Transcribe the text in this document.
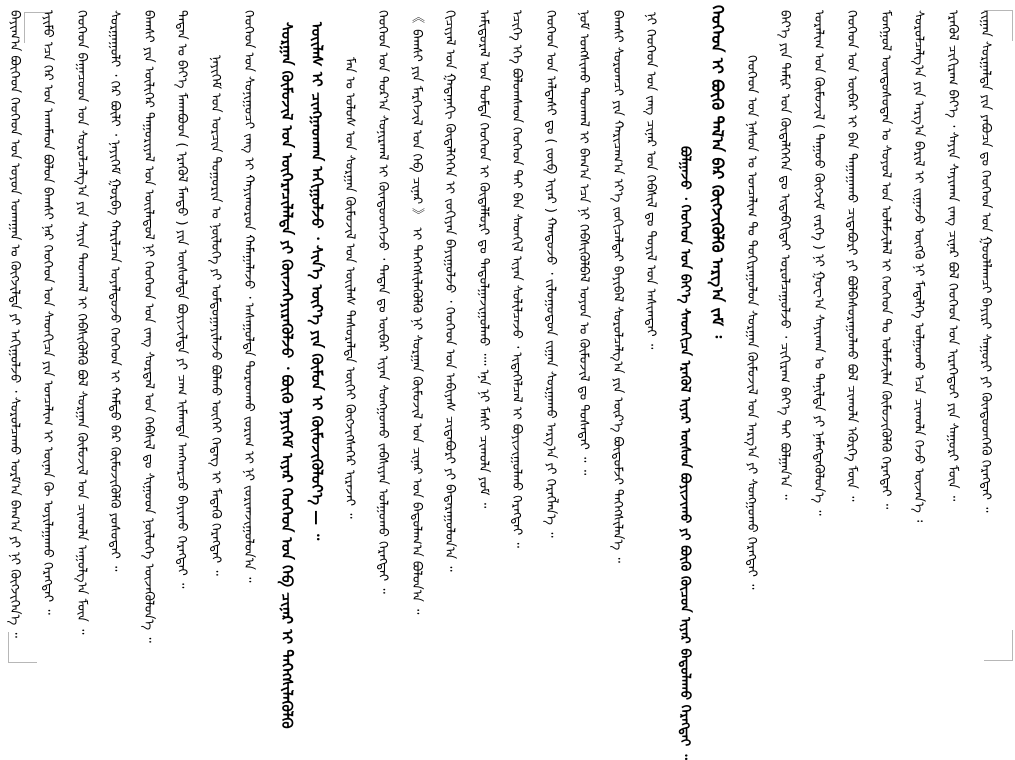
ᠪᠠᠶᠢᠭ᠎ᠠ ᠪᠥᠭᠡᠳ ᠬᠡᠦᠬᠡᠳ ᠤᠨ ᠣᠶᠤᠨ ᠤᠬᠠᠭᠠᠨ ᠤ ᠬᠥᠭᠵᠢᠯᠲᠡ ᠶᠢ ᠠᠬᠢᠭᠤᠯᠵᠤ ᠂ ᠰᠤᠷᠤᠯᠴᠠᠬᠤ ᠤᠷᠮ᠎ᠠ ᠪᠠᠬ᠎ᠠ ᠶᠢ ᠨᠢ ᠬᠥᠭᠵᠢᠭᠡᠨ᠎ᠡ ᠃	ᠡᠶᠢᠮᠦ ᠡᠴᠡ ᠭᠡᠷ ᠤᠨ ᠠᠬᠠᠮᠠᠳ ᠪᠣᠯᠤᠨ ᠪᠠᠭᠰᠢ ᠨᠠᠷ ᠬᠡᠦᠬᠡᠳ ᠤᠨ ᠰᠡᠳᠬᠢᠴᠡ ᠶᠢᠨ ᠣᠨᠴᠠᠯᠢᠭ ᠢ ᠦᠨᠡᠨ ᠬᠦ ᠣᠶᠢᠯᠠᠭᠠᠬᠤ ᠬᠡᠷᠡᠭᠲᠡᠢ ᠃	ᠬᠡᠦᠬᠡᠳ ᠪᠠᠭᠠᠴᠤᠳ ᠤᠨ ᠰᠤᠷᠤᠯᠴᠠᠯᠭ᠎ᠠ ᠶᠢᠨ ᠰᠠᠶᠢᠨ ᠳᠠᠳᠬᠠᠯ ᠢ ᠬᠡᠪᠰᠢᠭᠦᠯᠬᠦ ᠪᠣᠯ ᠰᠤᠷᠭᠠᠨ ᠬᠦᠮᠦᠵᠢᠯ ᠤᠨ ᠴᠢᠬᠤᠯᠠ ᠠᠭᠤᠯᠭ᠎ᠠ ᠮᠥᠨ ᠃	ᠰᠤᠷᠭᠠᠭᠤᠯᠢ ᠂ ᠭᠡᠷ ᠪᠦᠯᠢ ᠂ ᠨᠡᠶᠢᠭᠡᠮ ᠭᠤᠷᠪᠠ ᠬᠠᠷᠢᠯᠴᠠᠨ ᠤᠶᠠᠯᠳᠤᠵᠤ ᠬᠡᠦᠬᠡᠳ ᠢ ᠬᠠᠮᠲᠤ ᠪᠠᠷ ᠬᠦᠮᠦᠵᠢᠭᠦᠯᠬᠦ ᠶᠣᠰᠣᠲᠠᠢ ᠃	ᠪᠠᠭᠰᠢ ᠶᠢᠨ ᠦᠯᠢᠭᠡᠷ ᠳᠠᠭᠤᠷᠢᠶᠠᠯ ᠤᠨ ᠦᠢᠯᠡᠳᠦᠯ ᠨᠢ ᠬᠡᠦᠬᠡᠳ ᠤᠨ ᠵᠠᠩ ᠰᠤᠷᠲᠠᠯ ᠤᠨ ᠬᠡᠪᠰᠢᠯ ᠳᠤ ᠰᠢᠭᠤᠳ ᠨᠥᠯᠥᠭᠡ ᠦᠵᠡᠭᠦᠯᠦᠨ᠎ᠡ ᠃	ᠲᠡᠳᠡᠨ ᠤ ᠪᠡᠶ᠎ᠡ ᠮᠠᠬᠠᠪᠣᠳ ( ᠡᠷᠡᠭᠦᠯ ᠮᠡᠨᠳᠦ ) ᠶᠢᠨ ᠦᠰᠦᠯᠲᠡ ᠪᠣᠶᠢᠵᠢᠯᠲᠠ ᠶᠢ ᠴᠠᠭ ᠢᠮᠠᠭᠲᠠ ᠠᠩᠬᠠᠷᠴᠤ ᠪᠠᠶᠢᠬᠤ ᠬᠡᠷᠡᠭᠲᠡᠢ ᠃	ᠨᠡᠶᠢᠭᠡᠮ ᠤᠨ ᠣᠷᠴᠢᠨ ᠲᠣᠭᠣᠷᠢᠨ ᠤ ᠨᠥᠯᠥᠭᠡ ᠶᠢ ᠤᠮᠳᠤᠭᠠᠶᠢᠯᠠᠵᠤ ᠪᠣᠯᠬᠤ ᠦᠭᠡᠢ ᠭᠡᠳᠡᠭ ᠢ ᠮᠡᠳᠡᠬᠦ ᠬᠡᠷᠡᠭᠲᠡᠢ ᠃	ᠬᠡᠦᠬᠡᠳ ᠤᠨ ᠰᠣᠨᠢᠭᠤᠴᠢ ᠵᠠᠩ ᠢ ᠬᠠᠶᠢᠬᠤᠷᠤᠨ ᠬᠠᠮᠠᠭᠠᠯᠠᠵᠤ ᠂ ᠠᠰᠠᠭᠤᠯᠲᠠ ᠳᠤᠷᠠᠳᠬᠤ ᠵᠣᠷᠢᠭ ᠢ ᠨᠢ ᠵᠣᠷᠢᠭᠵᠢᠭᠤᠯᠤᠨ᠎ᠠ ᠃	ᠰᠤᠷᠭᠠᠨ ᠬᠦᠮᠦᠵᠢᠯ ᠤᠨ ᠥᠭᠡᠷᠡᠴᠢᠯᠡᠯᠲᠡ ᠶᠢ ᠭᠦᠨᠵᠡᠭᠡᠶᠢᠷᠡᠭᠦᠯᠵᠦ ᠂ ᠪᠦᠬᠦ ᠨᠡᠶᠢᠭᠡᠮ ᠢᠶᠡᠷ ᠬᠡᠦᠬᠡᠳ ᠤᠨ ᠬᠡᠪ ᠴᠢᠨᠠᠷ ᠢ ᠳᠡᠭᠡᠭᠰᠢᠯᠡᠭᠦᠯᠬᠦ ᠦᠢᠯᠡᠰ ᠢ ᠴᠢᠩᠭᠠᠳᠬᠠᠨ ᠠᠬᠢᠭᠤᠯᠵᠤ ᠂ ᠰᠢᠨ᠎ᠡ ᠦᠶ᠎ᠡ ᠶᠢᠨ ᠬᠦᠮᠦᠨ ᠢ ᠬᠦᠮᠦᠵᠢᠭᠦᠯᠦᠶ᠎ᠡ — ᠃	ᠮᠠᠨ ᠤ ᠤᠯᠤᠰ ᠤᠨ ᠰᠤᠷᠭᠠᠨ ᠬᠦᠮᠦᠵᠢᠯ ᠤᠨ ᠦᠢᠯᠡᠰ ᠲᠠᠰᠤᠷᠠᠯᠲᠠ ᠦᠭᠡᠢ ᠬᠥᠭᠵᠢᠭᠰᠡᠭᠡᠷ ᠢᠷᠡᠵᠡᠢ ᠃	ᠬᠡᠦᠬᠡᠳ ᠤᠨ ᠳᠤᠷ᠎ᠠ ᠰᠣᠨᠢᠷᠬᠠᠯ ᠢ ᠬᠦᠨᠳᠦᠳᠬᠡᠵᠦ ᠂ ᠲᠡᠳᠡᠨ ᠳᠤ ᠥᠪᠡᠷ ᠢᠶᠡᠨ ᠰᠣᠩᠭᠣᠬᠤ ᠵᠠᠪᠰᠢᠶᠠᠨ ᠣᠯᠭᠣᠬᠤ ᠬᠡᠷᠡᠭᠲᠡᠢ ᠃	《 ᠪᠠᠭᠰᠢ ᠶᠢᠨ ᠮᠡᠷᠭᠡᠵᠢᠯ ᠤᠨ ᠬᠡᠪ ᠴᠢᠨᠠᠷ 》 ᠢ ᠳᠡᠭᠡᠭᠰᠢᠯᠡᠭᠦᠯᠬᠦ ᠨᠢ ᠰᠤᠷᠭᠠᠨ ᠬᠦᠮᠦᠵᠢᠯ ᠤᠨ ᠴᠢᠨᠠᠷ ᠤᠨ ᠪᠠᠲᠤᠯᠠᠭ᠎ᠠ ᠪᠣᠯᠤᠨ᠎ᠠ ᠃	ᠬᠢᠴᠢᠶᠡᠯ ᠤᠨ ᠭᠠᠳᠠᠨᠠᠬᠢ ᠬᠥᠳᠡᠯᠭᠡᠭᠡᠨ ᠢ ᠵᠣᠬᠢᠶᠠᠨ ᠪᠠᠶᠢᠭᠤᠯᠵᠤ ᠂ ᠬᠡᠦᠬᠡᠳ ᠤᠨ ᠠᠪᠢᠶᠠᠰ ᠴᠢᠳᠠᠪᠤᠷᠢ ᠶᠢ ᠪᠠᠳᠠᠷᠠᠭᠤᠯᠤᠨ᠎ᠠ ᠃	ᠠᠮᠢᠳᠤᠷᠠᠯ ᠤᠨ ᠳᠤᠮᠳᠠ ᠬᠡᠦᠬᠡᠳ ᠢ ᠬᠥᠳᠡᠯᠮᠦᠷᠢ ᠳᠤ ᠳᠠᠳᠤᠯᠭᠠᠵᠢᠭᠤᠯᠬᠤ ᠁ ᠡᠨᠡ ᠨᠢ ᠮᠠᠰᠢ ᠴᠢᠬᠤᠯᠠ ᠶᠤᠮ ᠃	ᠡᠴᠢᠭᠡ ᠡᠬᠡ ᠪᠣᠯᠤᠭᠰᠠᠳ ᠬᠡᠦᠬᠡᠳ ᠲᠠᠢ ᠪᠠᠨ ᠰᠡᠳᠬᠢᠯ ᠢᠶᠡᠨ ᠰᠣᠯᠢᠯᠴᠠᠵᠤ ᠂ ᠢᠲᠡᠭᠡᠯᠴᠡᠯ ᠢ ᠪᠣᠶᠢᠵᠢᠭᠤᠯᠬᠤ ᠬᠡᠷᠡᠭᠲᠡᠢ ᠃	ᠬᠡᠦᠬᠡᠳ ᠤᠨ ᠠᠯᠳᠠᠰᠢ ᠳᠤ ( ᠵᠥᠪ ᠢᠶᠡᠷ ) ᠬᠠᠨᠳᠤᠵᠤ ᠂ ᠵᠢᠯᠣᠭᠣᠳᠤᠨ ᠵᠢᠭᠠᠨ ᠰᠤᠷᠭᠠᠬᠤ ᠠᠷᠭ᠎ᠠ ᠶᠢ ᠬᠡᠷᠡᠭᠯᠡᠨ᠎ᠡ ᠃	ᠨᠣᠮ ᠤᠩᠰᠢᠬᠤ ᠳᠠᠳᠬᠠᠯ ᠢ ᠪᠠᠭ᠎ᠠ ᠡᠴᠡ ᠨᠢ ᠬᠡᠪᠰᠢᠭᠦᠯᠪᠡᠯ ᠣᠶᠤᠨ ᠤ ᠬᠦᠮᠦᠵᠢᠯ ᠳᠤ ᠲᠤᠰᠠᠲᠠᠢ ᠃ ᠃	ᠪᠠᠭᠰᠢ ᠰᠤᠷᠤᠭᠴᠢ ᠶᠢᠨ ᠬᠠᠷᠢᠴᠠᠭ᠎ᠠ ᠡᠶ᠎ᠡ ᠵᠣᠬᠢᠴᠠᠯᠲᠠᠢ ᠪᠠᠶᠢᠪᠠᠯ ᠰᠤᠷᠤᠯᠴᠠᠯᠭ᠎ᠠ ᠶᠢᠨ ᠦᠷ᠎ᠡ ᠪᠦᠲᠦᠮᠵᠢ ᠳᠡᠭᠡᠭᠰᠢᠯᠡᠨ᠎ᠡ ᠃	ᠨᠢ ᠬᠡᠦᠬᠡᠳ ᠤᠨ ᠵᠠᠩ ᠴᠢᠨᠠᠷ ᠤᠨ ᠬᠡᠪᠰᠢᠯ ᠳᠤ ᠲᠤᠶᠢᠯ ᠤᠨ ᠠᠰᠢᠭᠲᠠᠢ ᠃	ᠪᠣᠯᠭᠠᠵᠤ ᠂ ᠬᠡᠦᠬᠡᠳ ᠤᠨ ᠪᠡᠶ᠎ᠡ ᠰᠡᠳᠬᠢᠴᠡ ᠡᠷᠡᠭᠦᠯ ᠢᠶᠡᠷ ᠦᠰᠦᠨ ᠪᠣᠶᠢᠵᠢᠬᠤ ᠶᠢ ᠪᠦᠬᠦ ᠬᠦᠴᠦᠨ ᠢᠶᠡᠷ ᠪᠠᠲᠤᠯᠠᠬᠤ ᠬᠡᠷᠡᠭᠲᠡᠢ ᠃ ᠬᠡᠦᠬᠡᠳ ᠢ ᠪᠦᠬᠦ ᠲᠠᠯ᠎ᠠ ᠪᠠᠷ ᠬᠥᠭᠵᠢᠭᠦᠯᠬᠦ ᠠᠷᠭ᠎ᠠ ᠵᠠᠮ ᠄	ᠬᠡᠦᠬᠡᠳ ᠤᠨ ᠨᠠᠰᠤᠨ ᠤ ᠣᠨᠴᠠᠯᠢᠭ ᠲᠤ ᠲᠣᠬᠢᠷᠠᠭᠤᠯᠤᠨ ᠰᠤᠷᠭᠠᠨ ᠬᠦᠮᠦᠵᠢᠯ ᠤᠨ ᠠᠷᠭ᠎ᠠ ᠶᠢ ᠰᠣᠩᠭᠣᠬᠤ ᠬᠡᠷᠡᠭᠲᠡᠢ ᠃	ᠪᠡᠶ᠎ᠡ ᠶᠢᠨ ᠲᠠᠮᠢᠷ ᠤᠨ ᠬᠥᠳᠡᠯᠭᠡᠭᠡᠨ ᠳᠤ ᠢᠳᠡᠪᠬᠢᠲᠡᠢ ᠣᠷᠣᠯᠴᠠᠭᠤᠯᠵᠤ ᠂ ᠴᠢᠭᠢᠷᠠᠭ ᠪᠡᠶ᠎ᠡ ᠲᠠᠢ ᠪᠣᠯᠭᠠᠨ᠎ᠠ ᠃	ᠤᠷᠠᠯᠢᠭ ᠤᠨ ᠬᠦᠮᠦᠵᠢᠯ ( ᠳᠠᠭᠤᠤ ᠬᠥᠭᠵᠢᠮ ᠵᠡᠷᠭᠡ ) ᠨᠢ ᠭᠣᠸ᠎ᠠ ᠰᠠᠶᠢᠬᠠᠨ ᠤ ᠲᠠᠨᠢᠯᠲᠠ ᠶᠢ ᠨᠡᠮᠡᠭᠳᠡᠭᠦᠯᠦᠨ᠎ᠡ ᠃	ᠬᠡᠦᠬᠡᠳ ᠤᠨ ᠥᠪᠡᠷ ᠢ ᠪᠡᠨ ᠳᠠᠭᠠᠭᠠᠬᠤ ᠴᠢᠳᠠᠪᠤᠷᠢ ᠶᠢ ᠪᠣᠯᠪᠠᠰᠤᠷᠠᠭᠤᠯᠬᠤ ᠪᠣᠯ ᠴᠢᠬᠤᠯᠠ ᠡᠭᠦᠷᠭᠡ ᠮᠥᠨ ᠃	ᠮᠣᠩᠭᠣᠯ ᠦᠨᠳᠦᠰᠦᠲᠡᠨ ᠤ ᠰᠣᠶᠣᠯ ᠤᠨ ᠤᠯᠠᠮᠵᠢᠯᠠᠯ ᠢ ᠬᠡᠦᠬᠡᠳ ᠲᠤ ᠤᠯᠠᠮᠵᠢᠯᠠᠨ ᠬᠦᠮᠦᠵᠢᠭᠦᠯᠬᠦ ᠬᠡᠷᠡᠭᠲᠡᠢ ᠃	ᠰᠤᠷᠤᠯᠴᠠᠯᠭ᠎ᠠ ᠶᠢᠨ ᠠᠷᠭ᠎ᠠ ᠪᠠᠷᠢᠯ ᠢ ᠵᠢᠭᠠᠵᠤ ᠥᠭᠬᠦ ᠨᠢ ᠮᠡᠳᠡᠯᠭᠡ ᠣᠯᠭᠣᠬᠤ ᠡᠴᠡ ᠴᠢᠬᠤᠯᠠ ᠭᠡᠵᠦ ᠦᠵᠡᠨ᠎ᠡ ᠄	ᠡᠷᠡᠭᠦᠯ ᠴᠢᠭᠢᠷᠠᠭ ᠪᠡᠶ᠎ᠡ ᠂ ᠰᠠᠶᠢᠨ ᠰᠠᠶᠢᠬᠠᠨ ᠵᠠᠩ ᠴᠢᠨᠠᠷ ᠪᠣᠯ ᠬᠡᠦᠬᠡᠳ ᠤᠨ ᠢᠷᠡᠭᠡᠳᠦᠢ ᠶᠢᠨ ᠰᠠᠭᠤᠷᠢ ᠮᠥᠨ ᠃	ᠵᠢᠭᠠᠨ ᠰᠤᠷᠭᠠᠯᠲᠠ ᠶᠢᠨ ᠶᠠᠪᠤᠴᠠ ᠳᠤ ᠬᠡᠦᠬᠡᠳ ᠤᠨ ᠭᠣᠣᠯᠯᠠᠭᠴᠢ ᠪᠠᠶᠢᠷᠢ ᠰᠠᠭᠤᠷᠢ ᠶᠢ ᠬᠦᠨᠳᠦᠳᠬᠡᠬᠦ ᠬᠡᠷᠡᠭᠲᠡᠢ ᠃
